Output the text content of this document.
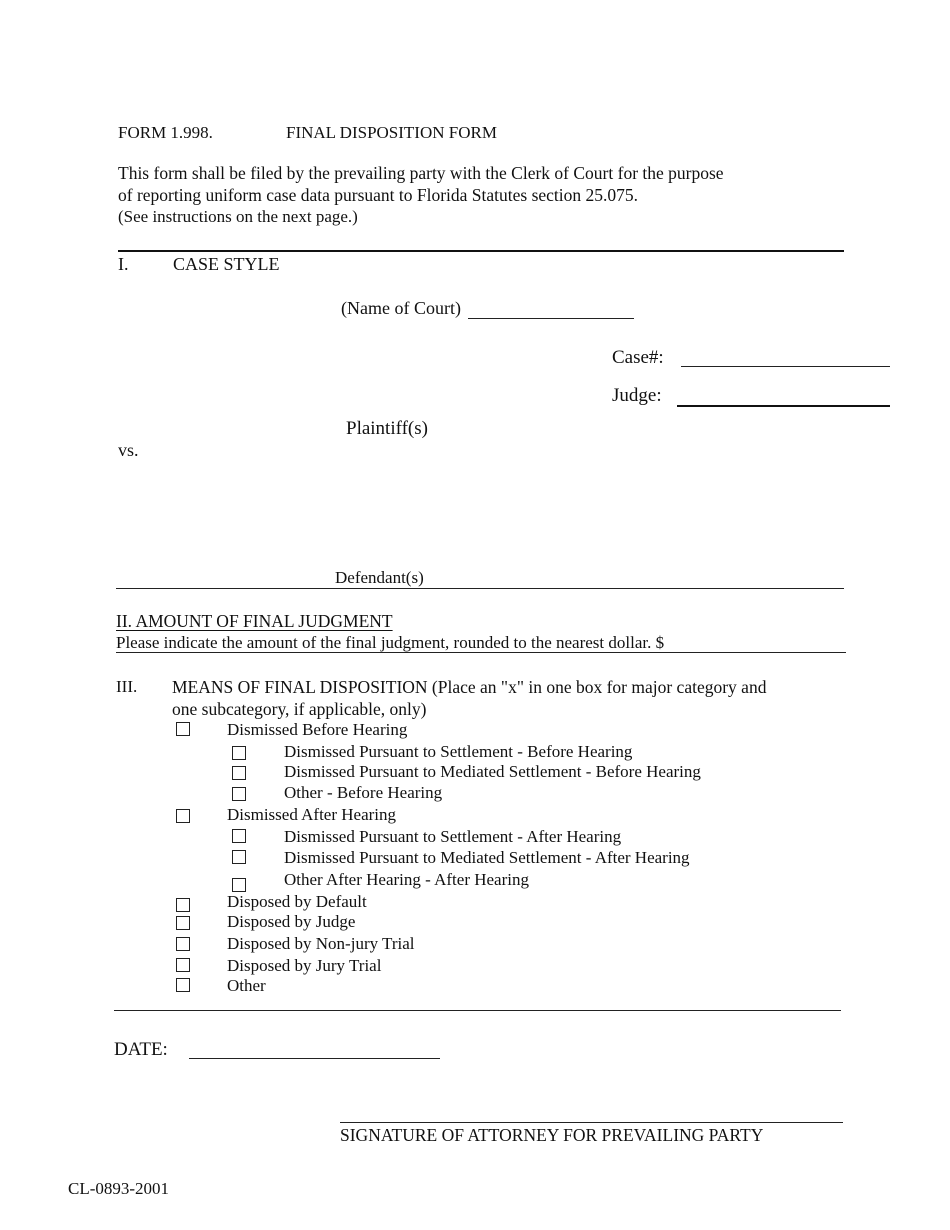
FORM 1.998.	FINAL DISPOSITION FORM
This form shall be filed by the prevailing party with the Clerk of Court for the purpose
of reporting uniform case data pursuant to Florida Statutes section 25.075.
(See instructions on the next page.)
I. CASE STYLE
(Name of Court)
Case#:
Judge:
Plaintiff(s)
vs.
Defendant(s)
II. AMOUNT OF FINAL JUDGMENT
Please indicate the amount of the final judgment, rounded to the nearest dollar. $
III. MEANS OF FINAL DISPOSITION (Place an "x" in one box for major category and
one subcategory, if applicable, only)
Dismissed Before Hearing
Dismissed Pursuant to Settlement - Before Hearing
Dismissed Pursuant to Mediated Settlement - Before Hearing
Other - Before Hearing
Dismissed After Hearing
Dismissed Pursuant to Settlement - After Hearing
Dismissed Pursuant to Mediated Settlement - After Hearing
Other After Hearing - After Hearing
Disposed by Default
Disposed by Judge
Disposed by Non-jury Trial
Disposed by Jury Trial
Other
DATE:
SIGNATURE OF ATTORNEY FOR PREVAILING PARTY
CL-0893-2001
